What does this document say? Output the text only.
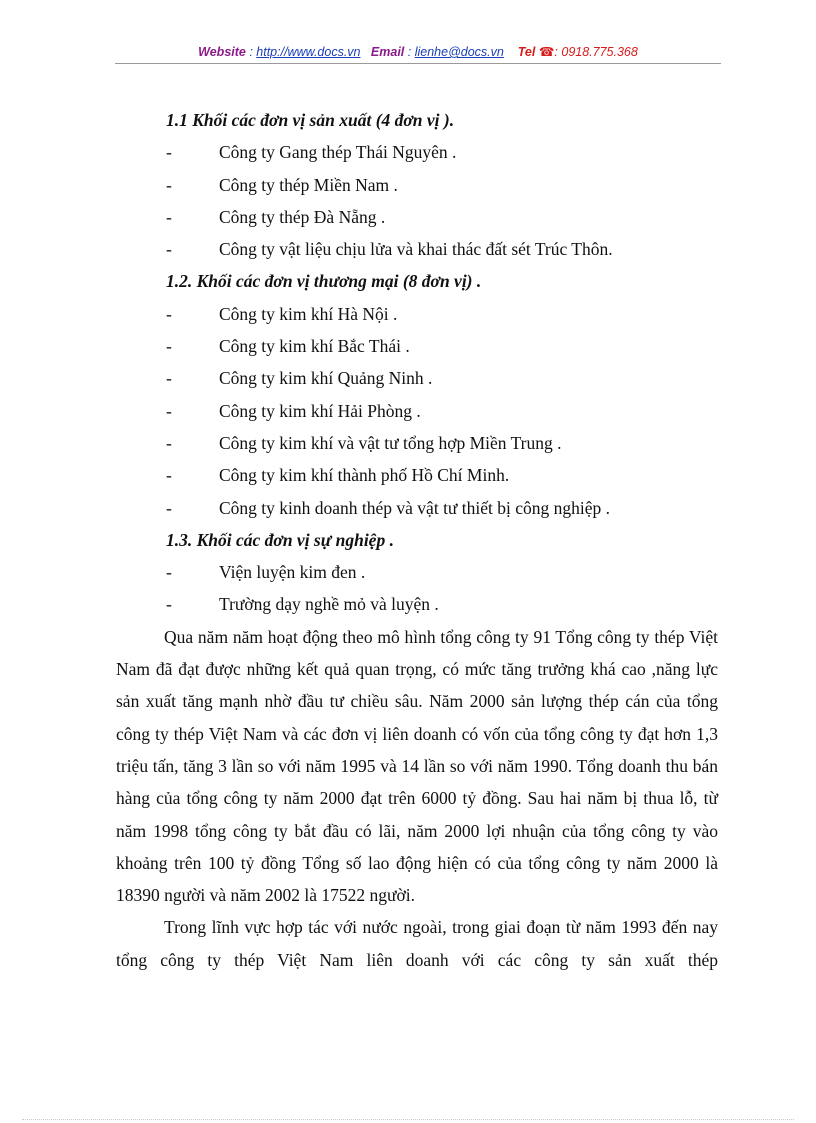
Website : http://www.docs.vn Email : lienhe@docs.vn Tel ☎: 0918.775.368
1.1 Khối các đơn vị sản xuất (4 đơn vị ).
-	Công ty Gang thép Thái Nguyên .
-	Công ty thép Miền Nam .
-	Công ty thép Đà Nẵng .
-	Công ty vật liệu chịu lửa và khai thác đất sét Trúc Thôn.
1.2. Khối các đơn vị thương mại (8 đơn vị) .
-	Công ty kim khí Hà Nội .
-	Công ty kim khí Bắc Thái .
-	Công ty kim khí Quảng Ninh .
-	Công ty kim khí Hải Phòng .
-	Công ty kim khí và vật tư tổng hợp Miền Trung .
-	Công ty kim khí thành phố Hồ Chí Minh.
-	Công ty kinh doanh thép và vật tư thiết bị công nghiệp .
1.3. Khối các đơn vị sự nghiệp .
-	Viện luyện kim đen .
-	Trường dạy nghề mỏ và luyện .

Qua năm năm hoạt động theo mô hình tổng công ty 91 Tổng công ty thép Việt Nam đã đạt được những kết quả quan trọng, có mức tăng trưởng khá cao ,năng lực sản xuất tăng mạnh nhờ đầu tư chiều sâu. Năm 2000 sản lượng thép cán của tổng công ty thép Việt Nam và các đơn vị liên doanh có vốn của tổng công ty đạt hơn 1,3 triệu tấn, tăng 3 lần so với năm 1995 và 14 lần so với năm 1990. Tổng doanh thu bán hàng của tổng công ty năm 2000 đạt trên 6000 tỷ đồng. Sau hai năm bị thua lỗ, từ năm 1998 tổng công ty bắt đầu có lãi, năm 2000 lợi nhuận của tổng công ty vào khoảng trên 100 tỷ đồng Tổng số lao động hiện có của tổng công ty năm 2000 là 18390 người và năm 2002 là 17522 người.

Trong lĩnh vực hợp tác với nước ngoài, trong giai đoạn từ năm 1993 đến nay tổng công ty thép Việt Nam liên doanh với các công ty sản xuất thép
